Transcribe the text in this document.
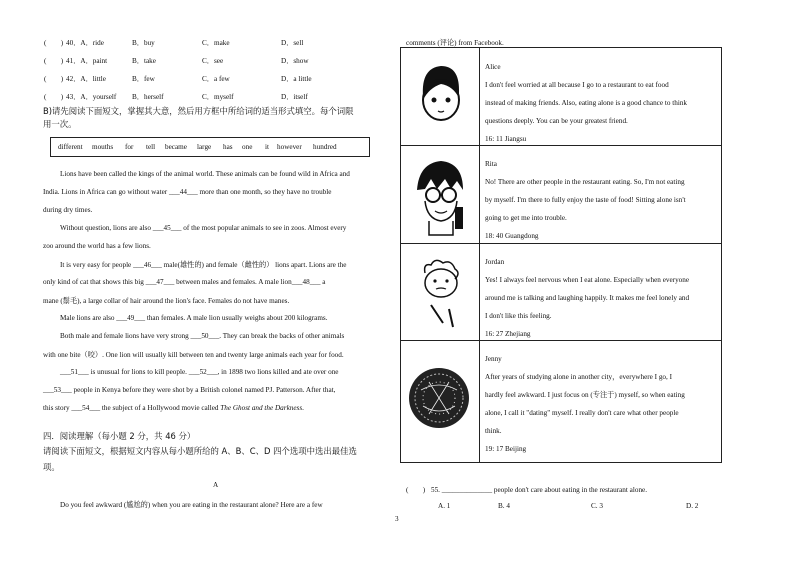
(　　) 40．A．ride	B．buy	C．make	D．sell
(　　) 41．A．paint	B．take	C．see	D．show
(　　) 42．A．little	B．few	C．a few	D．a little
(　　) 43．A．yourself B．herself	C．myself	D．itself
B)请先阅读下面短文，掌握其大意，然后用方框中所给词的适当形式填空。每个词限
用一次。
different mouths for tell became large has one it however hundred
Lions have been called the kings of the animal world. These animals can be found wild in Africa and
India. Lions in Africa can go without water ___44___ more than one month, so they have no trouble
during dry times.
Without question, lions are also ___45___ of the most popular animals to see in zoos. Almost every
zoo around the world has a few lions.
It is very easy for people ___46___ male(雄性的) and female（雌性的） lions apart. Lions are the
only kind of cat that shows this big ___47___ between males and females. A male lion___48___ a
mane (鬃毛), a large collar of hair around the lion's face. Females do not have manes.
Male lions are also ___49___ than females. A male lion usually weighs about 200 kilograms.
Both male and female lions have very strong ___50___. They can break the backs of other animals
with one bite（咬）. One lion will usually kill between ten and twenty large animals each year for food.
___51___ is unusual for lions to kill people. ___52___, in 1898 two lions killed and ate over one
___53___ people in Kenya before they were shot by a British colonel named PJ. Patterson. After that,
this story ___54___ the subject of a Hollywood movie called The Ghost and the Darkness.
四．阅读理解（每小题 2 分，共 46 分）
请阅读下面短文，根据短文内容从每小题所给的 A、B、C、D 四个选项中选出最佳选
项。
A
Do you feel awkward (尴尬的) when you are eating in the restaurant alone? Here are a few
comments (评论) from Facebook.

Alice

I don't feel worried at all because I go to a restaurant to eat food

instead of making friends. Also, eating alone is a good chance to think

questions deeply. You can be your greatest friend.

16: 11 Jiangsu

Rita

No! There are other people in the restaurant eating. So, I'm not eating

by myself. I'm there to fully enjoy the taste of food! Sitting alone isn't

going to get me into trouble.

18: 40 Guangdong

Jordan

Yes! I always feel nervous when I eat alone. Especially when everyone

around me is talking and laughing happily. It makes me feel lonely and

I don't like this feeling.

16: 27 Zhejiang

Jenny

After years of studying alone in another city，everywhere I go, I

hardly feel awkward. I just focus on (专注于) myself, so when eating

alone, I call it "dating" myself. I really don't care what other people

think.

19: 17 Beijing

(　　) 55. ______________ people don't care about eating in the restaurant alone.
A. 1	B. 4	C. 3	D. 2
3
